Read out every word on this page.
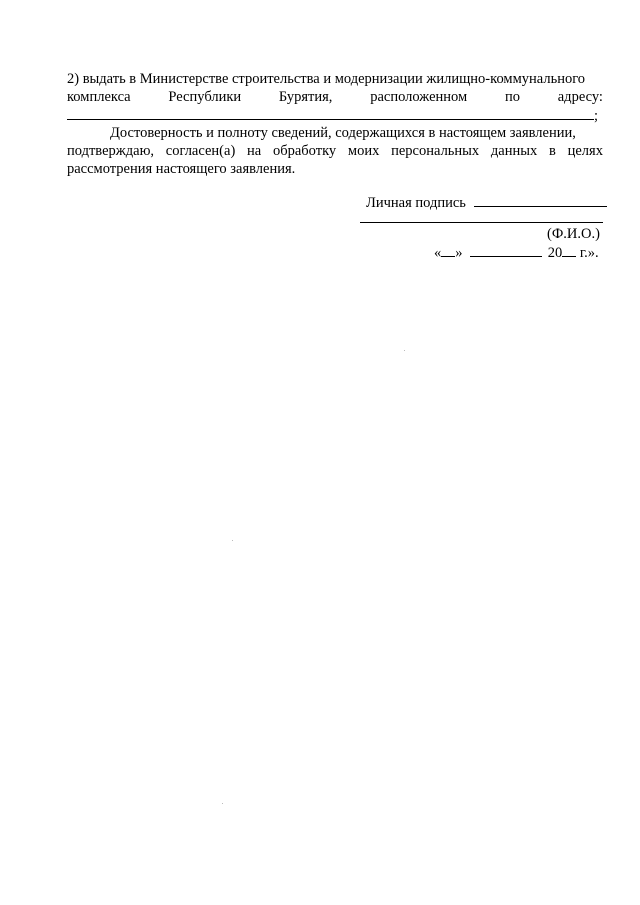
2) выдать в Министерстве строительства и модернизации жилищно-коммунального
комплекса	Республики	Бурятия,	расположенном	по	адресу:
;
Достоверность и полноту сведений, содержащихся в настоящем заявлении,
подтверждаю, согласен(а) на обработку моих персональных данных в целях
рассмотрения настоящего заявления.
Личная подпись
(Ф.И.О.)
« »	20 г.».
